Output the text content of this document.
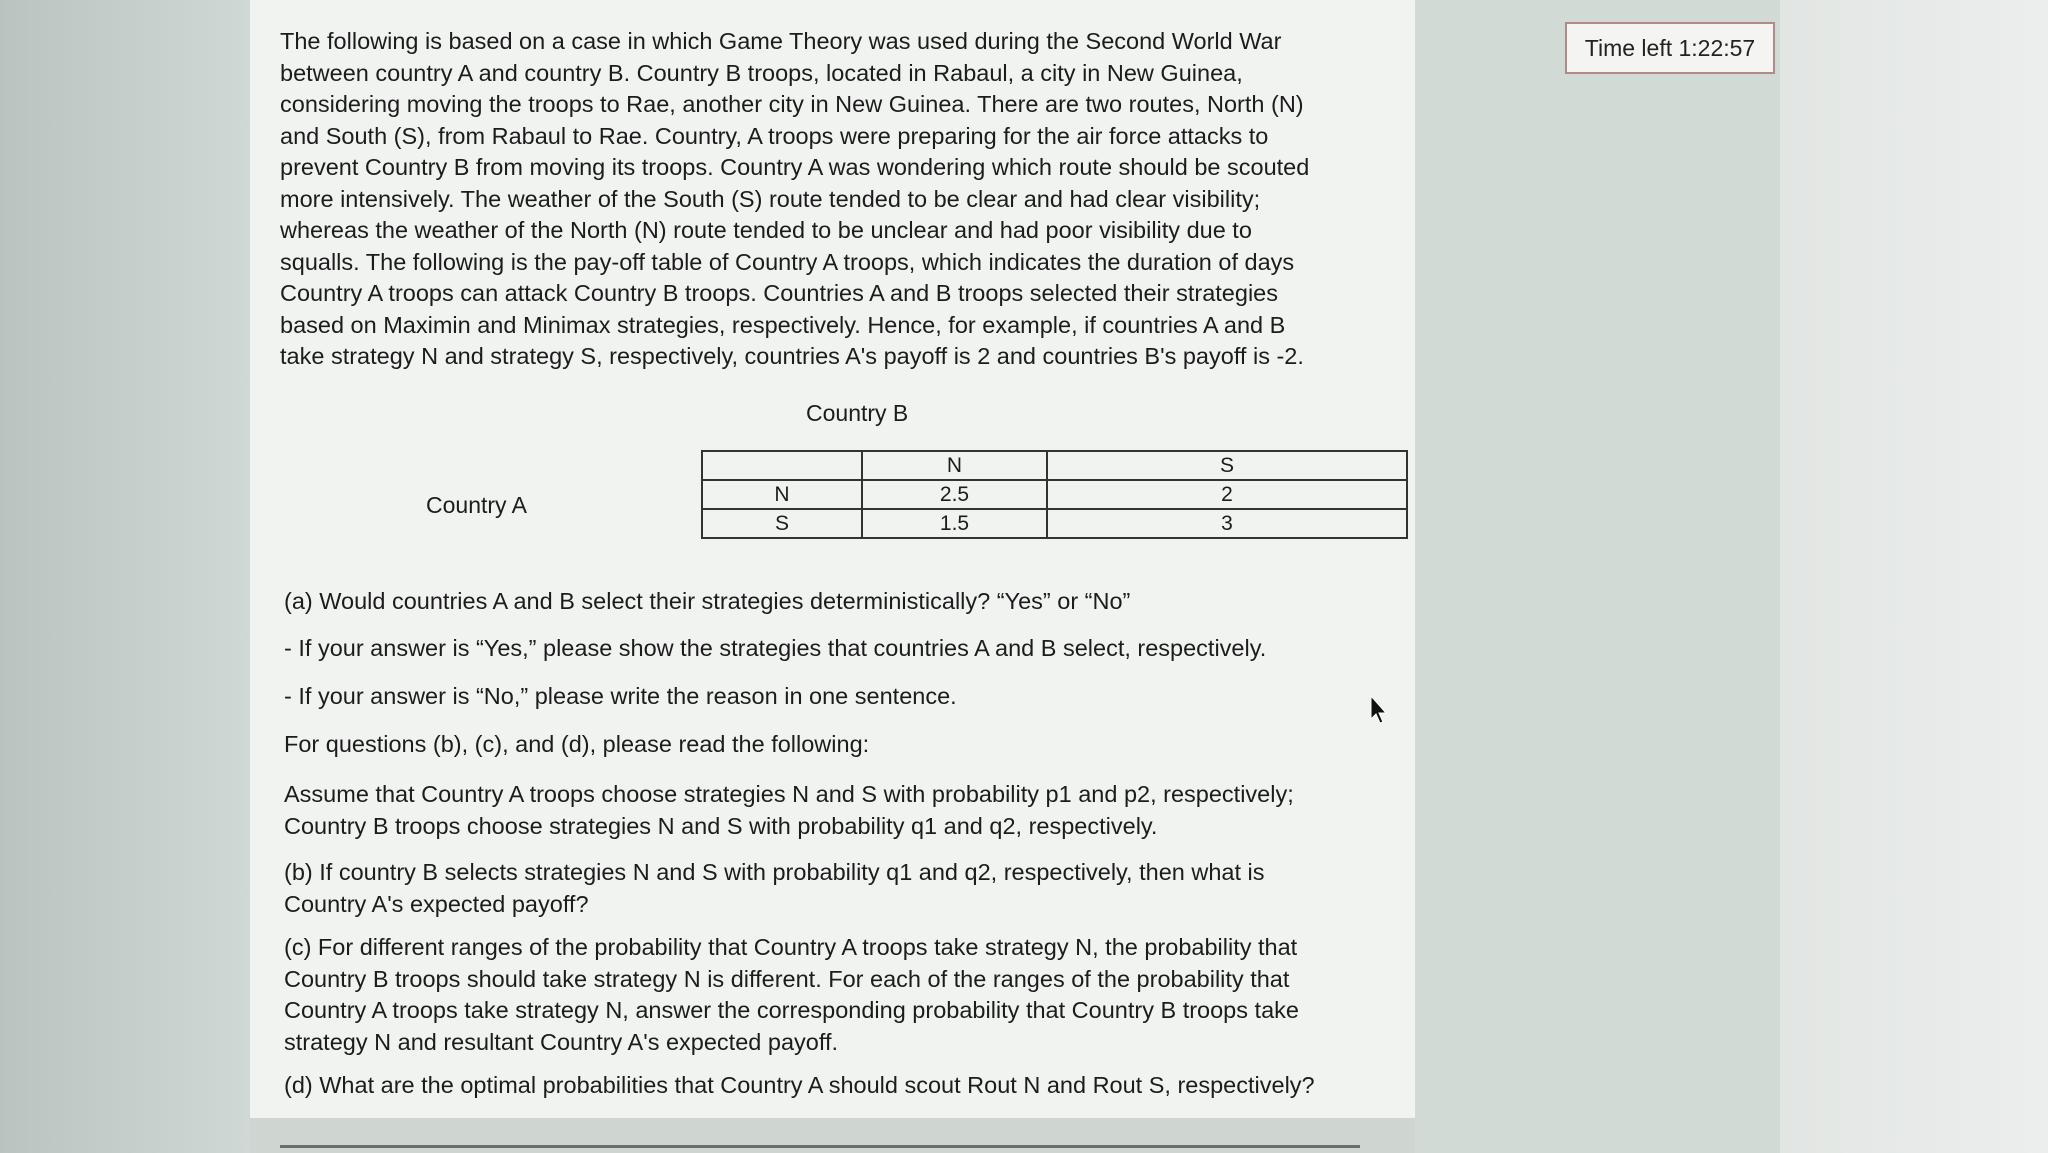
Time left 1:22:57

The following is based on a case in which Game Theory was used during the Second World War
between country A and country B. Country B troops, located in Rabaul, a city in New Guinea,
considering moving the troops to Rae, another city in New Guinea. There are two routes, North (N)
and South (S), from Rabaul to Rae. Country, A troops were preparing for the air force attacks to
prevent Country B from moving its troops. Country A was wondering which route should be scouted
more intensively. The weather of the South (S) route tended to be clear and had clear visibility;
whereas the weather of the North (N) route tended to be unclear and had poor visibility due to
squalls. The following is the pay-off table of Country A troops, which indicates the duration of days
Country A troops can attack Country B troops. Countries A and B troops selected their strategies
based on Maximin and Minimax strategies, respectively. Hence, for example, if countries A and B
take strategy N and strategy S, respectively, countries A's payoff is 2 and countries B's payoff is -2.

Country B
Country A
	N	S
N	2.5	2
S	1.5	3

(a) Would countries A and B select their strategies deterministically? “Yes” or “No”

- If your answer is “Yes,” please show the strategies that countries A and B select, respectively.

- If your answer is “No,” please write the reason in one sentence.

For questions (b), (c), and (d), please read the following:

Assume that Country A troops choose strategies N and S with probability p1 and p2, respectively;
Country B troops choose strategies N and S with probability q1 and q2, respectively.

(b) If country B selects strategies N and S with probability q1 and q2, respectively, then what is
Country A's expected payoff?

(c) For different ranges of the probability that Country A troops take strategy N, the probability that
Country B troops should take strategy N is different. For each of the ranges of the probability that
Country A troops take strategy N, answer the corresponding probability that Country B troops take
strategy N and resultant Country A's expected payoff.

(d) What are the optimal probabilities that Country A should scout Rout N and Rout S, respectively?
